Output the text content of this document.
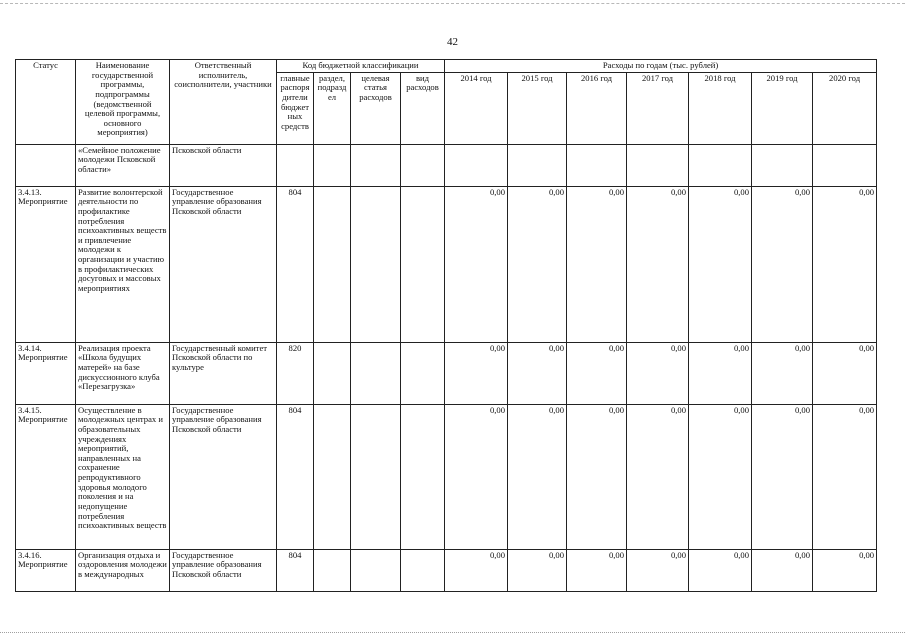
42
Статус	Наименование государственной программы, подпрограммы (ведомственной целевой программы, основного мероприятия)	Ответственный исполнитель, соисполнители, участники	Код бюджетной классификации				Расходы по годам (тыс. рублей)						
			главные распоря дители бюджет ных средств	раздел, подраздел	целевая статья расходов	вид расходов	2014 год	2015 год	2016 год	2017 год	2018 год	2019 год	2020 год
	«Семейное положение молодежи Псковской области»	Псковской области											
3.4.13. Мероприятие	Развитие волонтерской деятельности по профилактике потребления психоактивных веществ и привлечение молодежи к организации и участию в профилактических досуговых и массовых мероприятиях	Государственное управление образования Псковской области	804				0,00	0,00	0,00	0,00	0,00	0,00	0,00
3.4.14. Мероприятие	Реализация проекта «Школа будущих матерей» на базе дискуссионного клуба «Перезагрузка»	Государственный комитет Псковской области по культуре	820				0,00	0,00	0,00	0,00	0,00	0,00	0,00
3.4.15. Мероприятие	Осуществление в молодежных центрах и образовательных учреждениях мероприятий, направленных на сохранение репродуктивного здоровья молодого поколения и на недопущение потребления психоактивных веществ	Государственное управление образования Псковской области	804				0,00	0,00	0,00	0,00	0,00	0,00	0,00
3.4.16. Мероприятие	Организация отдыха и оздоровления молодежи в международных	Государственное управление образования Псковской области	804				0,00	0,00	0,00	0,00	0,00	0,00	0,00
